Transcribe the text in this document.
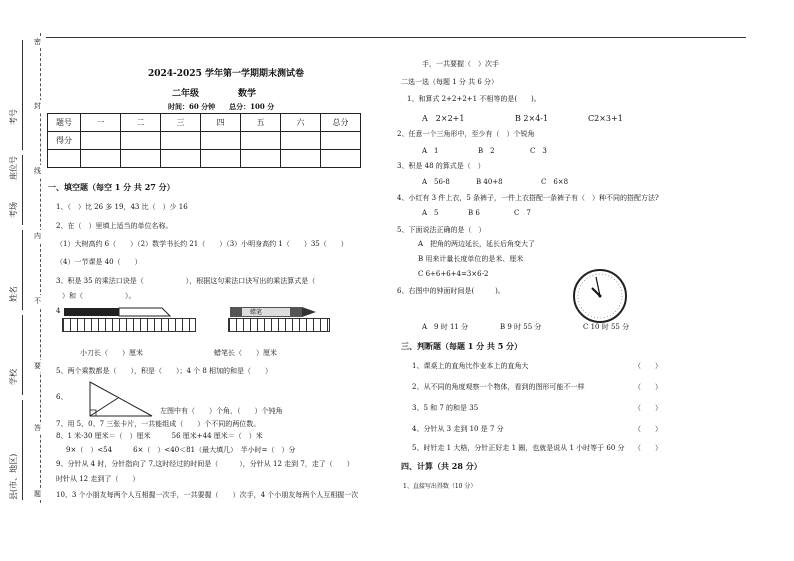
密
封
线
内
不
要
答
题
考号
座位号
考场
姓名
学校
县(市、地区)
2024-2025 学年第一学期期末测试卷
二年级	数学
时间：60 分钟　　总分：100 分
题号	一	二	三	四	五	六	总分
得分							

一、填空题（每空 1 分 共 27 分）
1、（　）比 26 多 19，43 比（　）少 16
2、在（　）里填上适当的单位名称。
（1）大树高约 6（　　）（2）数学书长约 21（　　）（3）小明身高约 1（　　）35（　　）
（4）一节课是 40（　　）
3、积是 35 的乘法口诀是（　　　　　　），根据这句乘法口诀写出的乘法算式是（　　　　
）和（　　　　　　）。
4	蜡笔
小刀长（　　）厘米	蜡笔长（　　）厘米
5、两个乘数都是（　　），积是（　　）；4 个 8 相加的和是（　　）
6、
左图中有（　　）个角，（　　）个钝角
7、用 5、0、7 三张卡片，一共能组成（　　）个不同的两位数。
8、1 米-30 厘米＝（　）厘米　　　56 厘米+44 厘米＝（　）米
9×（　）<54　　　6×（　）<40＜81（最大填几）　半小时=（　）分
9、分针从 4 时，分针指向了 7,这时经过的时间是（　　　），分针从 12 走到 7，走了（　　）
时针从 12 走到了（　　）
10、3 个小朋友每两个人互相握一次手，一共要握（　　）次手，4 个小朋友每两个人互相握一次
手，一共要握（　）次手
二选一选（每题 1 分 共 6 分）
1、和算式 2+2+2+1 不相等的是(　　)。
A　2×2+1	B 2×4-1	C2×3+1
2、任意一个三角形中，至少有（　）个锐角
A　1	B　2	C　3
3、积是 48 的算式是（　）
A　56-8	B 40+8	C　6×8
4、小红有 3 件上衣，5 条裤子，一件上衣搭配一条裤子有（　）种不同的搭配方法?
A　5	B 6	C　7
5、下面说法正确的是（　）
A　把角的两边延长，延长后角变大了
B 用来计量长度单位的是米、厘米
C 6+6+6+4=3×6-2
6、右图中的钟面时间是(　　　)。
A　9 时 11 分	B 9 时 55 分	C 10 时 55 分
三、判断题（每题 1 分 共 5 分）
1、课桌上的直角比作业本上的直角大	（　　）
2、从不同的角度观察一个物体，看到的图形可能不一样	（　　）
3、5 和 7 的和是 35	（　　）
4、分针从 3 走到 10 是 7 分	（　　）
5、时针走 1 大格，分针正好走 1 圈，也就是说从 1 小时等于 60 分 （　　）
四、计算（共 28 分）
1、直接写出得数（10 分）
